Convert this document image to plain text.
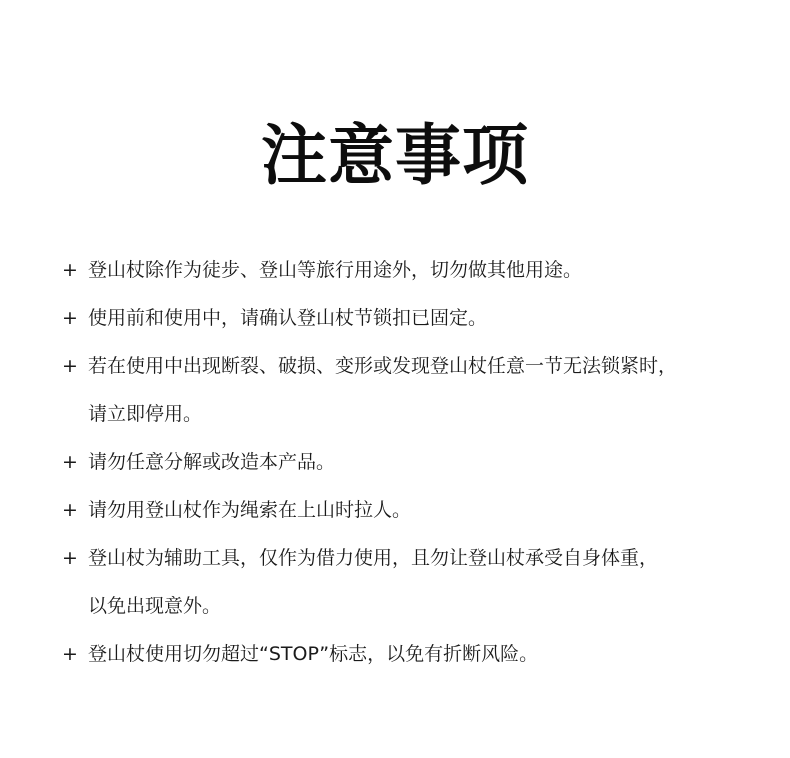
注意事项
+ 登山杖除作为徒步、登山等旅行用途外，切勿做其他用途。
+ 使用前和使用中，请确认登山杖节锁扣已固定。
+ 若在使用中出现断裂、破损、变形或发现登山杖任意一节无法锁紧时，
请立即停用。
+ 请勿任意分解或改造本产品。
+ 请勿用登山杖作为绳索在上山时拉人。
+ 登山杖为辅助工具，仅作为借力使用，且勿让登山杖承受自身体重，
以免出现意外。
+ 登山杖使用切勿超过“STOP”标志，以免有折断风险。
